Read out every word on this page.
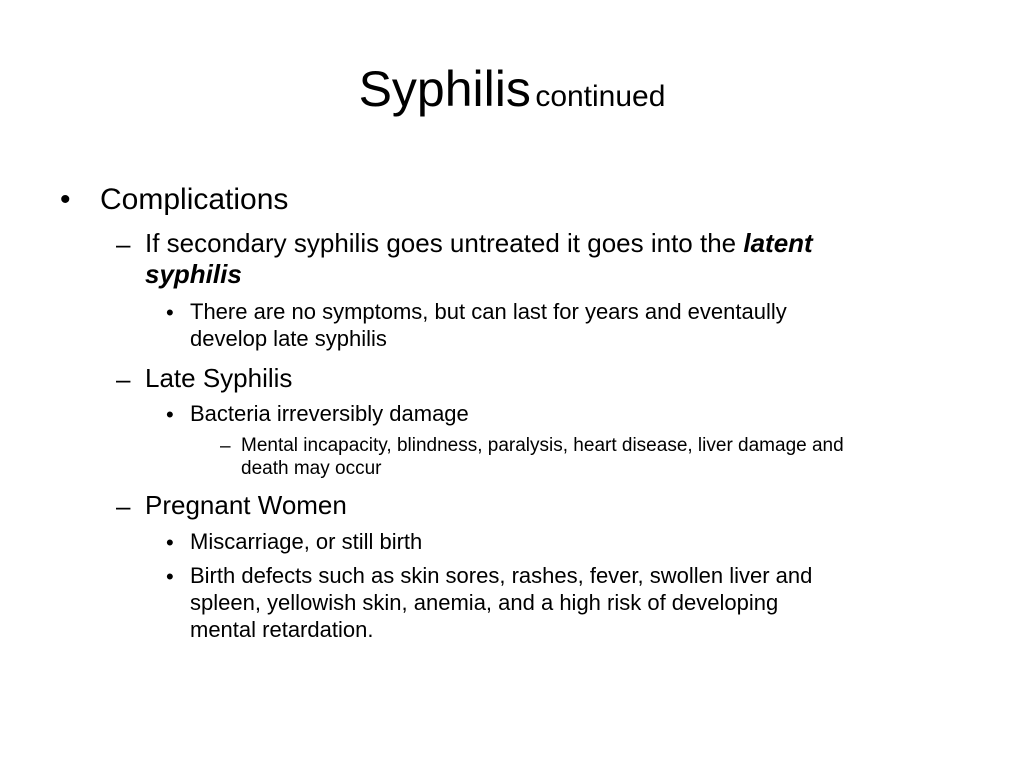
Syphilis continued
• Complications
– If secondary syphilis goes untreated it goes into the latent
syphilis
• There are no symptoms, but can last for years and eventaully
develop late syphilis
– Late Syphilis
• Bacteria irreversibly damage
– Mental incapacity, blindness, paralysis, heart disease, liver damage and
death may occur
– Pregnant Women
• Miscarriage, or still birth
• Birth defects such as skin sores, rashes, fever, swollen liver and
spleen, yellowish skin, anemia, and a high risk of developing
mental retardation.
